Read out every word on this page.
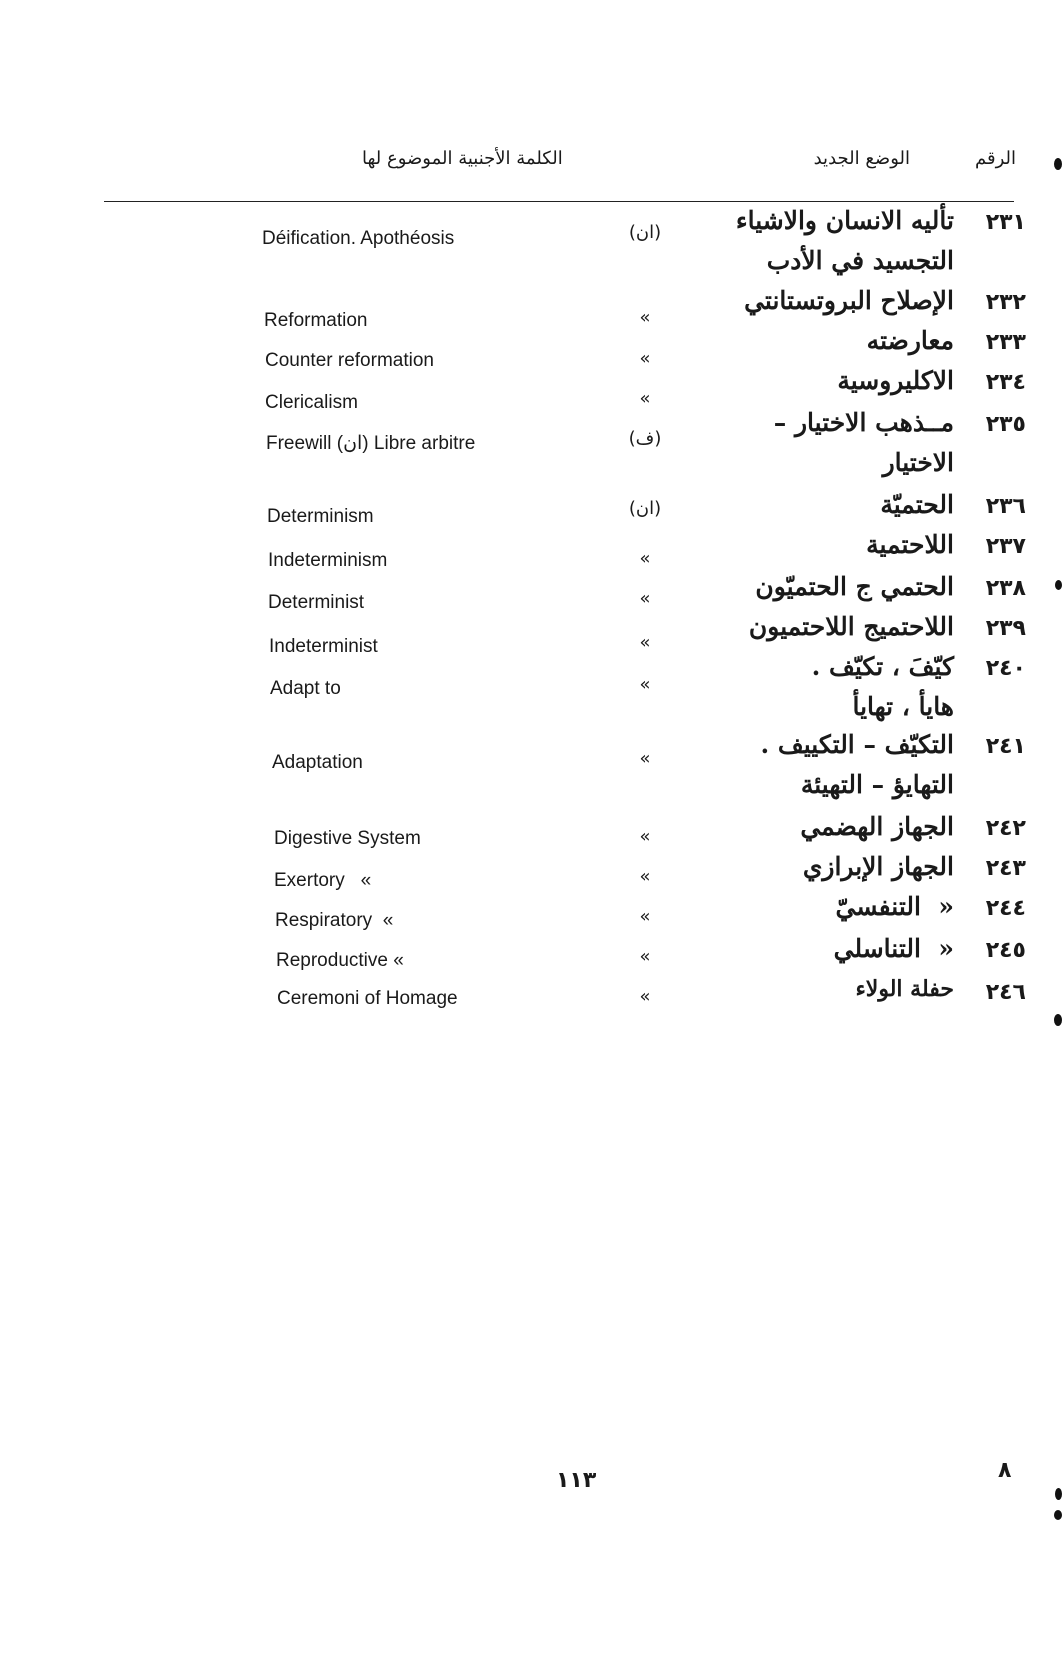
الرقم
الوضع الجديد
الكلمة الأجنبية الموضوع لها
٢٣١
تأليه الانسان والاشياء
التجسيد في الأدب
(ان)
Déification. Apothéosis
٢٣٢
الإصلاح البروتستانتي
«
Reformation
٢٣٣
معارضته
«
Counter reformation
٢٣٤
الاكليروسية
«
Clericalism
٢٣٥
مــذهب الاختيار –
الاختيار
(ف)
Freewill (ان) Libre arbitre
٢٣٦
الحتميّة
(ان)
Determinism
٢٣٧
اللاحتمية
«
Indeterminism
٢٣٨
الحتمي ج الحتميّون
«
Determinist
٢٣٩
اللاحتميج اللاحتميون
«
Indeterminist
٢٤٠
كيّفَ ، تكيّف .
هايأ ، تهايأ
«
Adapt to
٢٤١
التكيّف – التكييف .
التهايؤ – التهيئة
«
Adaptation
٢٤٢
الجهاز الهضمي
«
Digestive System
٢٤٣
الجهاز الإبرازي
«
Exertory   «
٢٤٤
«  التنفسيّ
«
Respiratory  «
٢٤٥
«  التناسلي
«
Reproductive «
٢٤٦
حفلة الولاء
«
Ceremoni of Homage
١١٣	٨
